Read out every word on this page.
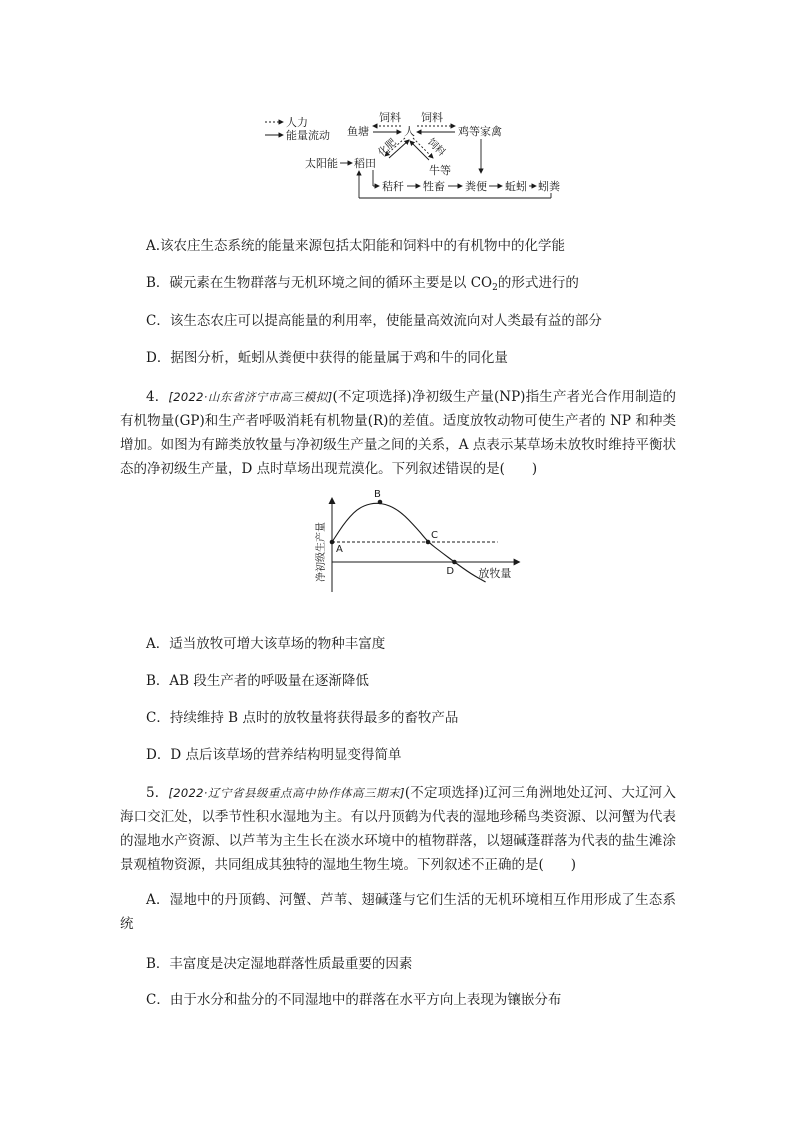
人力
能量流动 鱼塘	人	鸡等家禽
饲料 饲料
化肥	饲料
太阳能 稻田
牛等
秸秆 牲畜 粪便 蚯蚓 蚓粪
A.该农庄生态系统的能量来源包括太阳能和饲料中的有机物中的化学能
B．碳元素在生物群落与无机环境之间的循环主要是以 $CO_2$的形式进行的
C．该生态农庄可以提高能量的利用率，使能量高效流向对人类最有益的部分
D．据图分析，蚯蚓从粪便中获得的能量属于鸡和牛的同化量
4．[2022·山东省济宁市高三模拟](不定项选择)净初级生产量(NP)指生产者光合作用制造的有机物量(GP)和生产者呼吸消耗有机物量(R)的差值。适度放牧动物可使生产者的 NP 和种类增加。如图为有蹄类放牧量与净初级生产量之间的关系，A 点表示某草场未放牧时维持平衡状态的净初级生产量，D 点时草场出现荒漠化。下列叙述错误的是(　　)
A
B
C
D 放牧量
净初级生产量
A．适当放牧可增大该草场的物种丰富度
B．AB 段生产者的呼吸量在逐渐降低
C．持续维持 B 点时的放牧量将获得最多的畜牧产品
D．D 点后该草场的营养结构明显变得简单
5．[2022·辽宁省县级重点高中协作体高三期末](不定项选择)辽河三角洲地处辽河、大辽河入海口交汇处，以季节性积水湿地为主。有以丹顶鹤为代表的湿地珍稀鸟类资源、以河蟹为代表的湿地水产资源、以芦苇为主生长在淡水环境中的植物群落，以翅碱蓬群落为代表的盐生滩涂景观植物资源，共同组成其独特的湿地生物生境。下列叙述不正确的是(　　)
A．湿地中的丹顶鹤、河蟹、芦苇、翅碱蓬与它们生活的无机环境相互作用形成了生态系统
B．丰富度是决定湿地群落性质最重要的因素
C．由于水分和盐分的不同湿地中的群落在水平方向上表现为镶嵌分布
